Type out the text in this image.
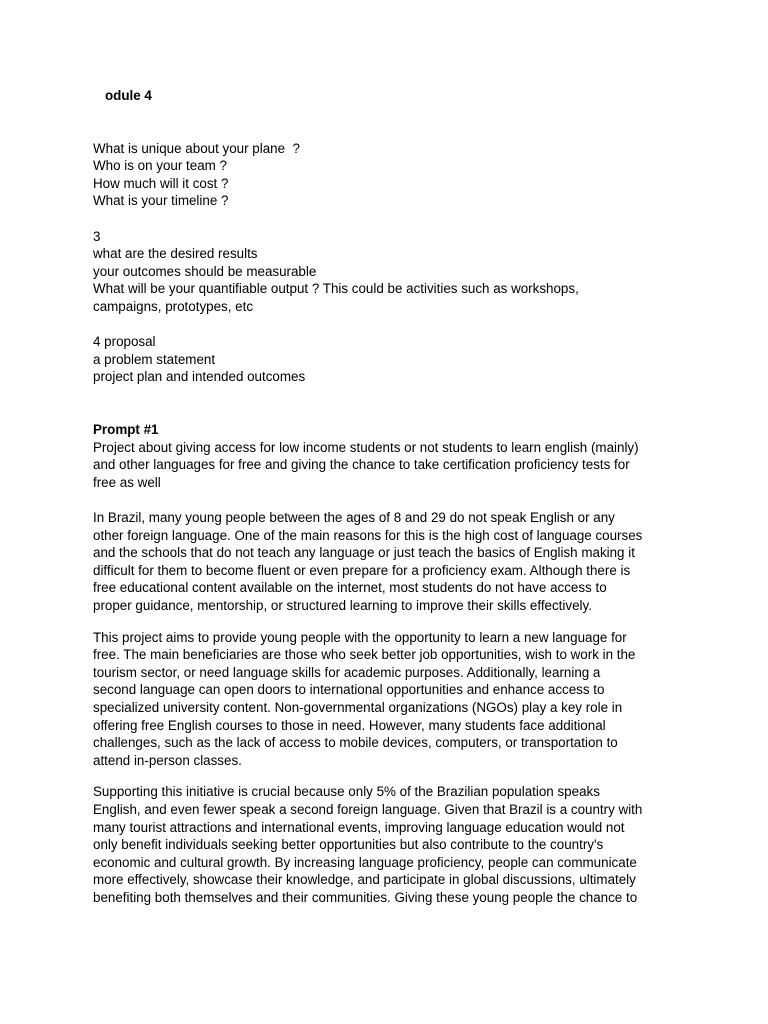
odule 4
What is unique about your plane  ?
Who is on your team ?
How much will it cost ?
What is your timeline ?
3
what are the desired results
your outcomes should be measurable
What will be your quantifiable output ? This could be activities such as workshops,
campaigns, prototypes, etc
4 proposal
a problem statement
project plan and intended outcomes
Prompt #1
Project about giving access for low income students or not students to learn english (mainly)
and other languages for free and giving the chance to take certification proficiency tests for
free as well
In Brazil, many young people between the ages of 8 and 29 do not speak English or any
other foreign language. One of the main reasons for this is the high cost of language courses
and the schools that do not teach any language or just teach the basics of English making it
difficult for them to become fluent or even prepare for a proficiency exam. Although there is
free educational content available on the internet, most students do not have access to
proper guidance, mentorship, or structured learning to improve their skills effectively.
This project aims to provide young people with the opportunity to learn a new language for
free. The main beneficiaries are those who seek better job opportunities, wish to work in the
tourism sector, or need language skills for academic purposes. Additionally, learning a
second language can open doors to international opportunities and enhance access to
specialized university content. Non-governmental organizations (NGOs) play a key role in
offering free English courses to those in need. However, many students face additional
challenges, such as the lack of access to mobile devices, computers, or transportation to
attend in-person classes.
Supporting this initiative is crucial because only 5% of the Brazilian population speaks
English, and even fewer speak a second foreign language. Given that Brazil is a country with
many tourist attractions and international events, improving language education would not
only benefit individuals seeking better opportunities but also contribute to the country's
economic and cultural growth. By increasing language proficiency, people can communicate
more effectively, showcase their knowledge, and participate in global discussions, ultimately
benefiting both themselves and their communities. Giving these young people the chance to
